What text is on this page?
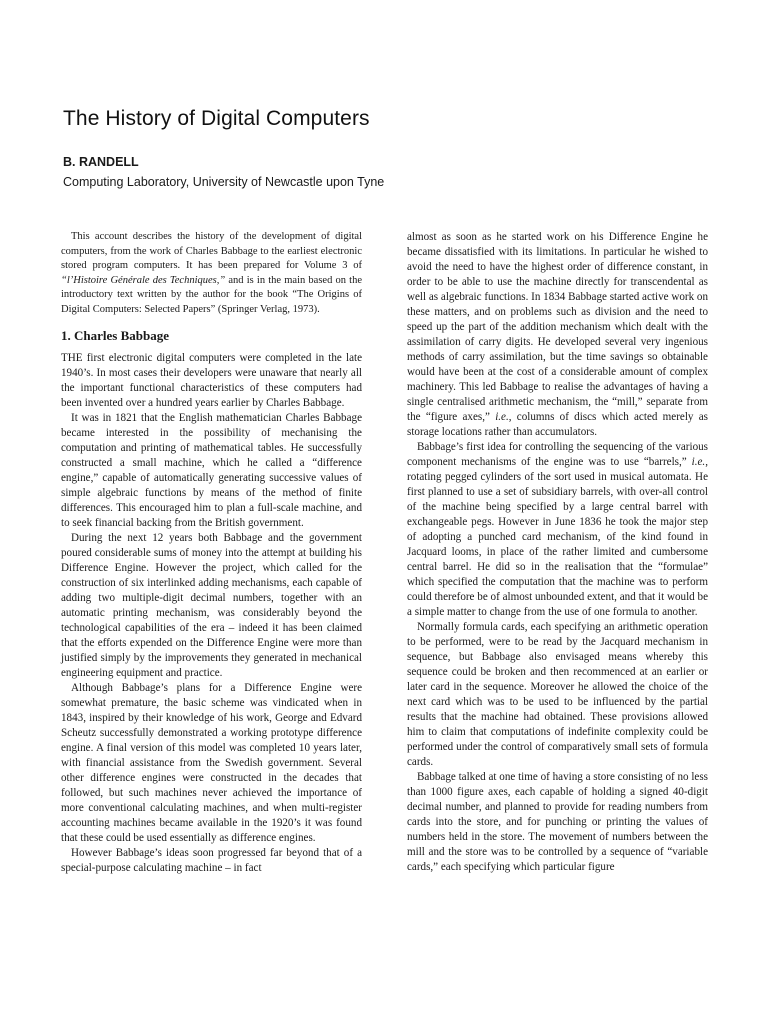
The History of Digital Computers
B. RANDELL
Computing Laboratory, University of Newcastle upon Tyne

This account describes the history of the development of digital computers, from the work of Charles Babbage to the earliest electronic stored program computers. It has been prepared for Volume 3 of “l’Histoire Générale des Techniques,” and is in the main based on the introductory text written by the author for the book “The Origins of Digital Computers: Selected Papers” (Springer Verlag, 1973).

1. Charles Babbage

THE first electronic digital computers were completed in the late 1940’s. In most cases their developers were unaware that nearly all the important functional characteristics of these computers had been invented over a hundred years earlier by Charles Babbage.

It was in 1821 that the English mathematician Charles Babbage became interested in the possibility of mechanising the computation and printing of mathematical tables. He successfully constructed a small machine, which he called a “difference engine,” capable of automatically generating successive values of simple algebraic functions by means of the method of finite differences. This encouraged him to plan a full-scale machine, and to seek financial backing from the British government.

During the next 12 years both Babbage and the government poured considerable sums of money into the attempt at building his Difference Engine. However the project, which called for the construction of six interlinked adding mechanisms, each capable of adding two multiple-digit decimal numbers, together with an automatic printing mechanism, was considerably beyond the technological capabilities of the era – indeed it has been claimed that the efforts expended on the Difference Engine were more than justified simply by the improvements they generated in mechanical engineering equipment and practice.

Although Babbage’s plans for a Difference Engine were somewhat premature, the basic scheme was vindicated when in 1843, inspired by their knowledge of his work, George and Edvard Scheutz successfully demonstrated a working prototype difference engine. A final version of this model was completed 10 years later, with financial assistance from the Swedish government. Several other difference engines were constructed in the decades that followed, but such machines never achieved the importance of more conventional calculating machines, and when multi-register accounting machines became available in the 1920’s it was found that these could be used essentially as difference engines.

However Babbage’s ideas soon progressed far beyond that of a special-purpose calculating machine – in fact

almost as soon as he started work on his Difference Engine he became dissatisfied with its limitations. In particular he wished to avoid the need to have the highest order of difference constant, in order to be able to use the machine directly for transcendental as well as algebraic functions. In 1834 Babbage started active work on these matters, and on problems such as division and the need to speed up the part of the addition mechanism which dealt with the assimilation of carry digits. He developed several very ingenious methods of carry assimilation, but the time savings so obtainable would have been at the cost of a considerable amount of complex machinery. This led Babbage to realise the advantages of having a single centralised arithmetic mechanism, the “mill,” separate from the “figure axes,” i.e., columns of discs which acted merely as storage locations rather than accumulators.

Babbage’s first idea for controlling the sequencing of the various component mechanisms of the engine was to use “barrels,” i.e., rotating pegged cylinders of the sort used in musical automata. He first planned to use a set of subsidiary barrels, with over-all control of the machine being specified by a large central barrel with exchangeable pegs. However in June 1836 he took the major step of adopting a punched card mechanism, of the kind found in Jacquard looms, in place of the rather limited and cumbersome central barrel. He did so in the realisation that the “formulae” which specified the computation that the machine was to perform could therefore be of almost unbounded extent, and that it would be a simple matter to change from the use of one formula to another.

Normally formula cards, each specifying an arithmetic operation to be performed, were to be read by the Jacquard mechanism in sequence, but Babbage also envisaged means whereby this sequence could be broken and then recommenced at an earlier or later card in the sequence. Moreover he allowed the choice of the next card which was to be used to be influenced by the partial results that the machine had obtained. These provisions allowed him to claim that computations of indefinite complexity could be performed under the control of comparatively small sets of formula cards.

Babbage talked at one time of having a store consisting of no less than 1000 figure axes, each capable of holding a signed 40-digit decimal number, and planned to provide for reading numbers from cards into the store, and for punching or printing the values of numbers held in the store. The movement of numbers between the mill and the store was to be controlled by a sequence of “variable cards,” each specifying which particular figure
